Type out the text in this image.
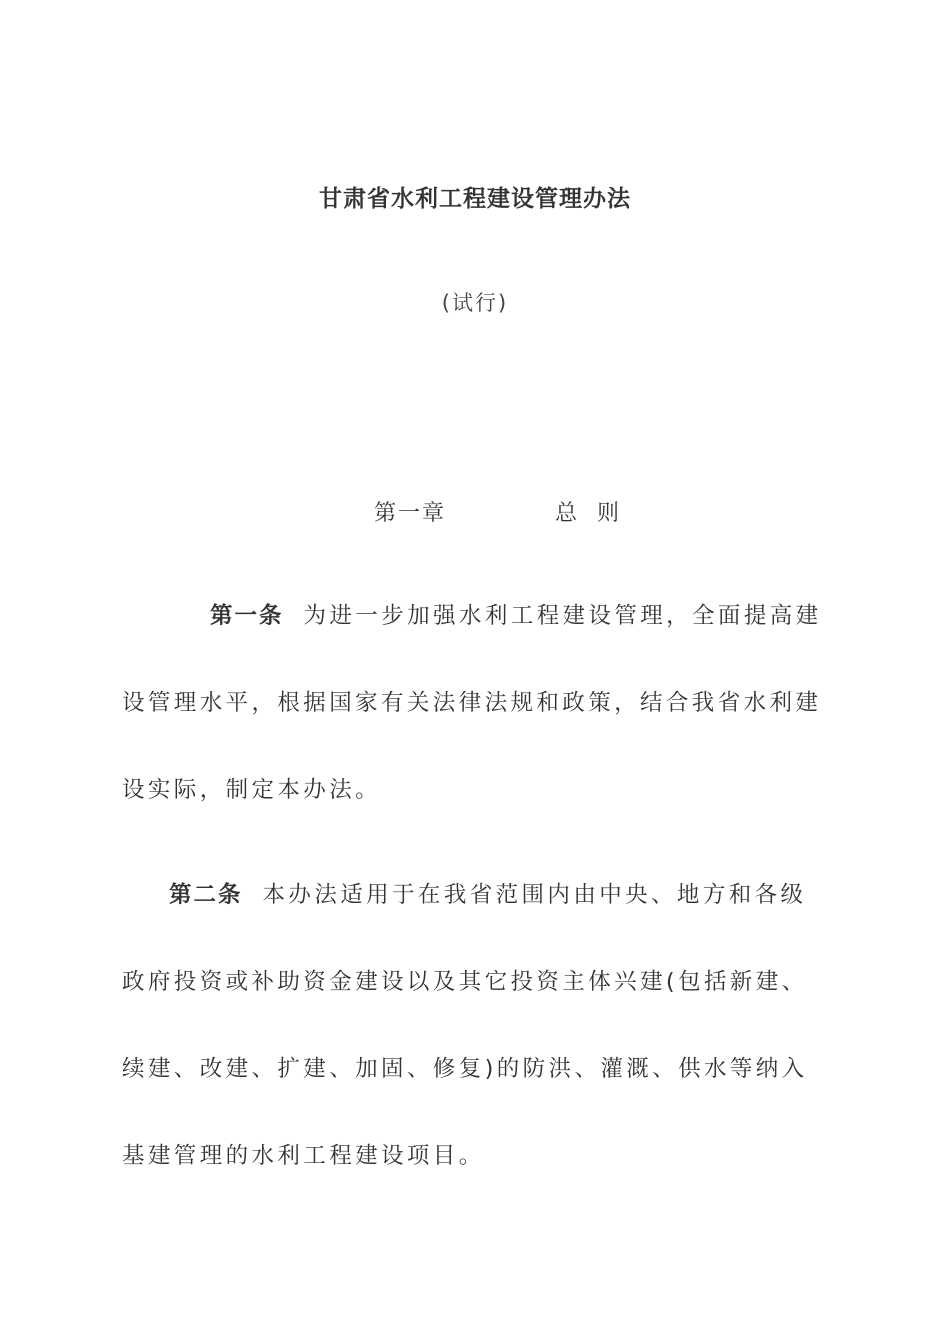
甘肃省水利工程建设管理办法
(试行)
第一章	总则

第一条 为进一步加强水利工程建设管理，全面提高建设管理水平，根据国家有关法律法规和政策，结合我省水利建设实际，制定本办法。

第二条 本办法适用于在我省范围内由中央、地方和各级政府投资或补助资金建设以及其它投资主体兴建(包括新建、续建、改建、扩建、加固、修复)的防洪、灌溉、供水等纳入基建管理的水利工程建设项目。
